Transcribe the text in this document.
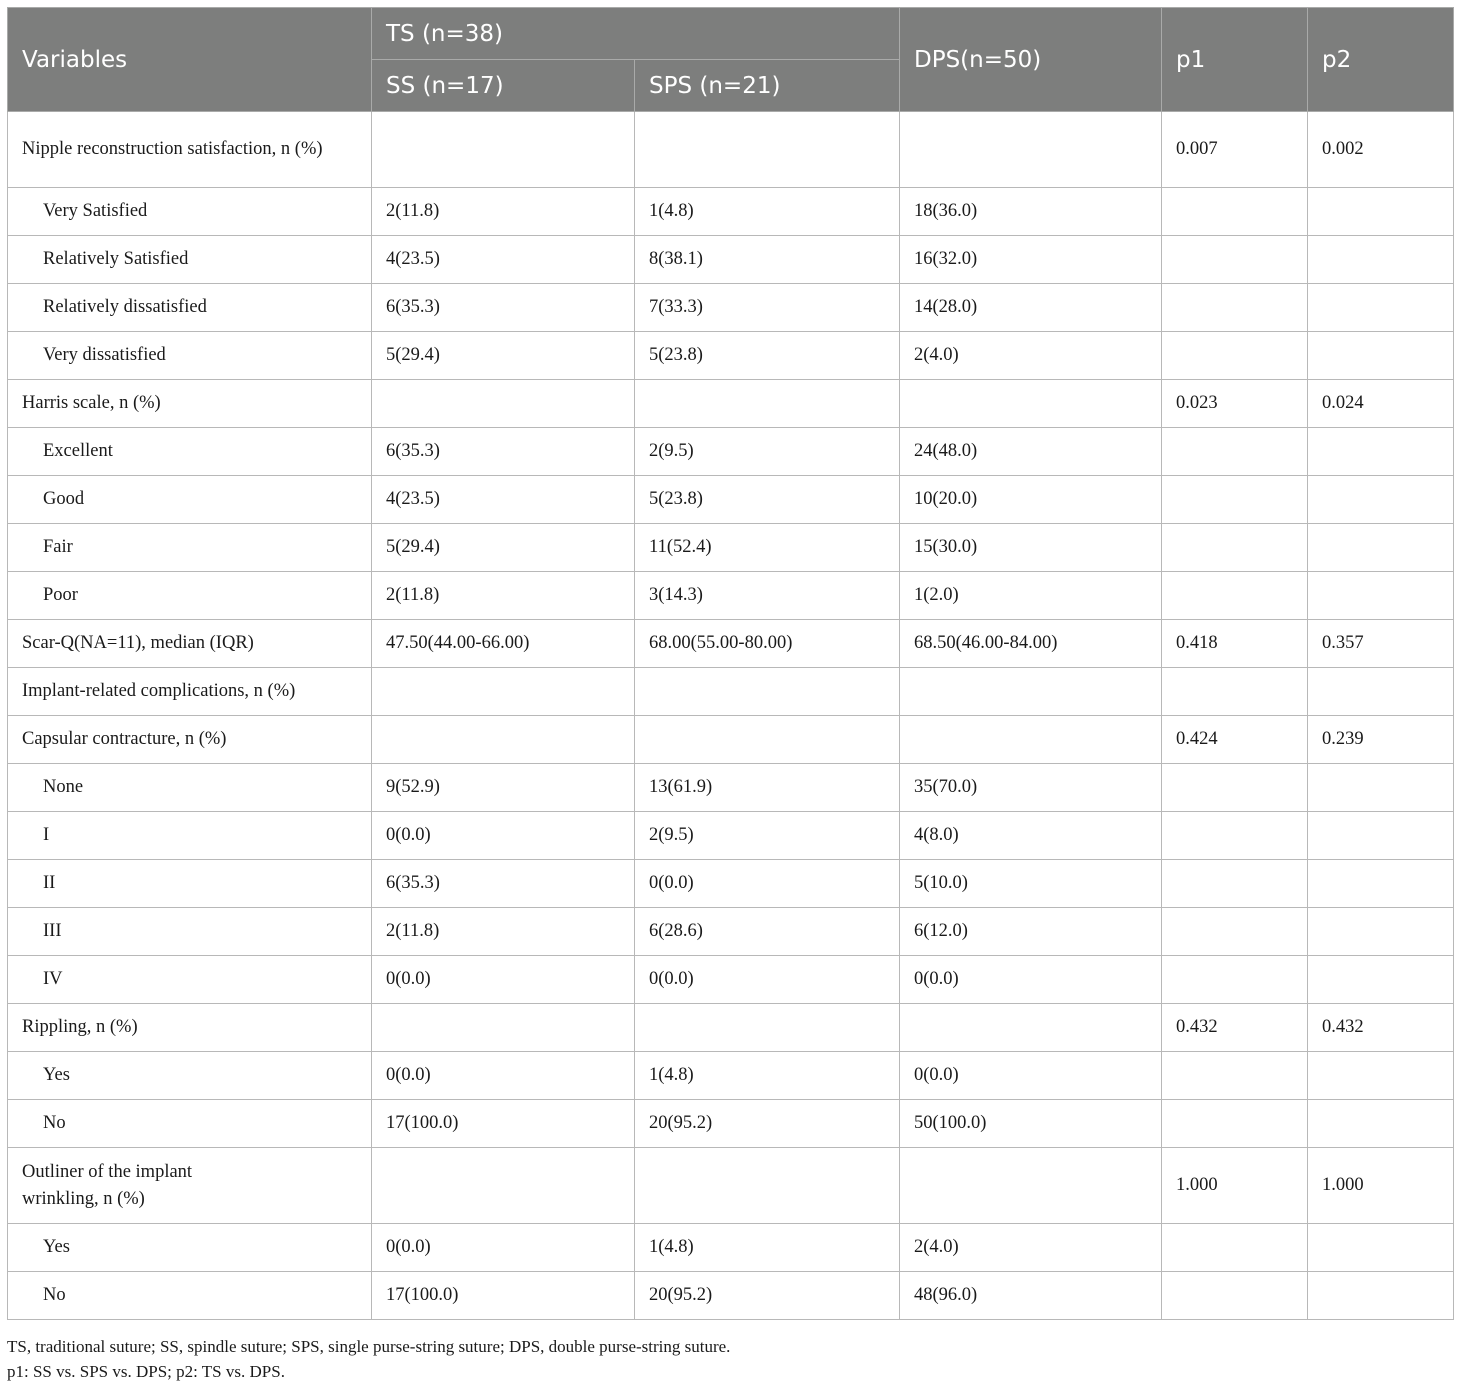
Variables	TS (n=38)		DPS(n=50)	p1	p2
	SS (n=17)	SPS (n=21)			
Nipple reconstruction satisfaction, n (%)				0.007	0.002
Very Satisfied	2(11.8)	1(4.8)	18(36.0)		
Relatively Satisfied	4(23.5)	8(38.1)	16(32.0)		
Relatively dissatisfied	6(35.3)	7(33.3)	14(28.0)		
Very dissatisfied	5(29.4)	5(23.8)	2(4.0)		
Harris scale, n (%)				0.023	0.024
Excellent	6(35.3)	2(9.5)	24(48.0)		
Good	4(23.5)	5(23.8)	10(20.0)		
Fair	5(29.4)	11(52.4)	15(30.0)		
Poor	2(11.8)	3(14.3)	1(2.0)		
Scar-Q(NA=11), median (IQR)	47.50(44.00-66.00)	68.00(55.00-80.00)	68.50(46.00-84.00)	0.418	0.357
Implant-related complications, n (%)					
Capsular contracture, n (%)				0.424	0.239
None	9(52.9)	13(61.9)	35(70.0)		
I	0(0.0)	2(9.5)	4(8.0)		
II	6(35.3)	0(0.0)	5(10.0)		
III	2(11.8)	6(28.6)	6(12.0)		
IV	0(0.0)	0(0.0)	0(0.0)		
Rippling, n (%)				0.432	0.432
Yes	0(0.0)	1(4.8)	0(0.0)		
No	17(100.0)	20(95.2)	50(100.0)		
Outliner of the implant wrinkling, n (%)				1.000	1.000
Yes	0(0.0)	1(4.8)	2(4.0)		
No	17(100.0)	20(95.2)	48(96.0)		
TS, traditional suture; SS, spindle suture; SPS, single purse-string suture; DPS, double purse-string suture.
p1: SS vs. SPS vs. DPS; p2: TS vs. DPS.
